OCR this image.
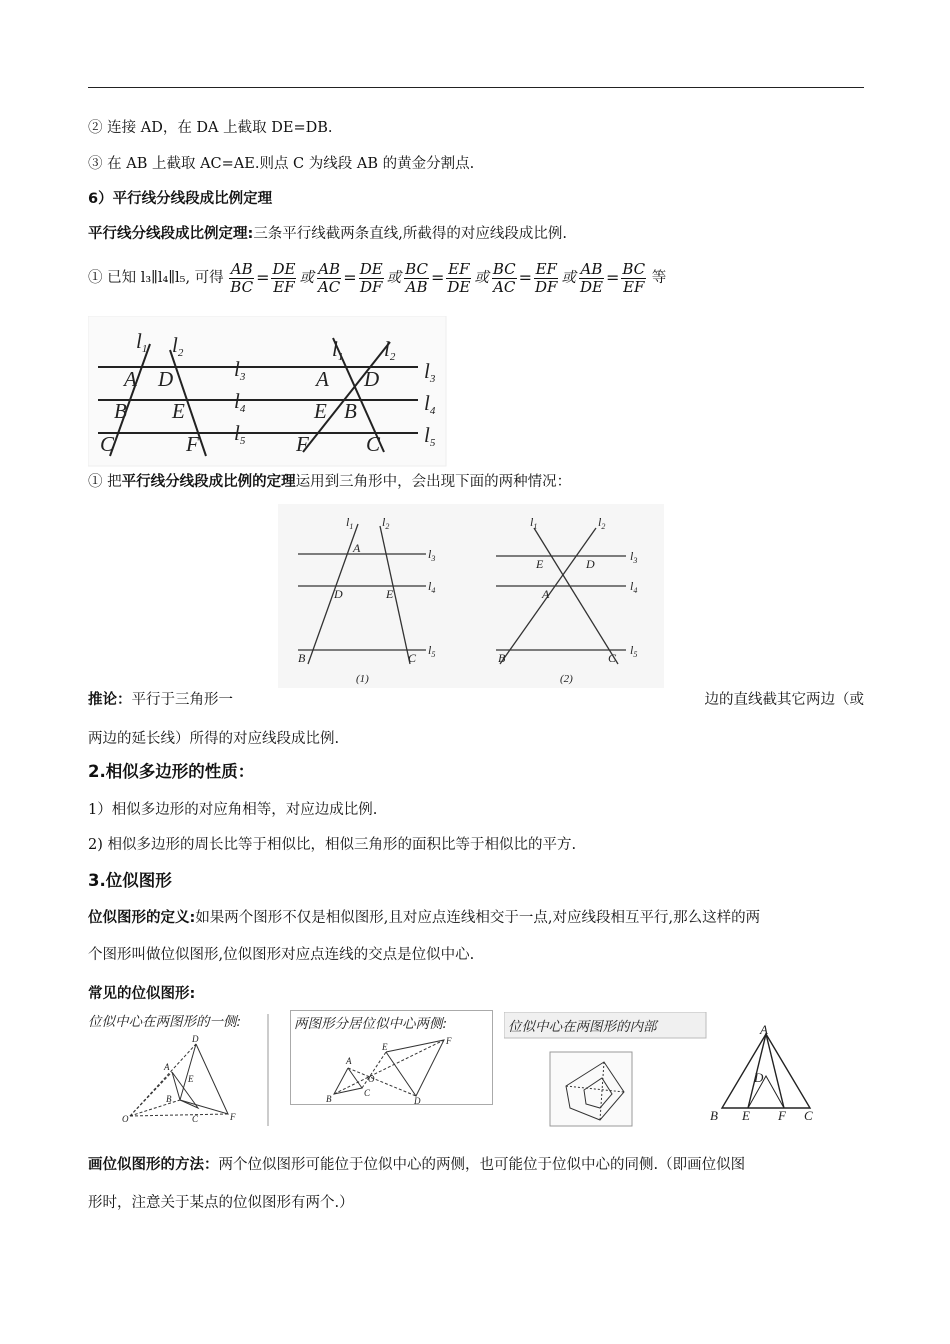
② 连接 AD，在 DA 上截取 DE=DB.
③ 在 AB 上截取 AC=AE.则点 C 为线段 AB 的黄金分割点.
6）平行线分线段成比例定理
平行线分线段成比例定理:三条平行线截两条直线,所截得的对应线段成比例.
① 已知 l₃∥l₄∥l₅, 可得 $\frac{AB}{BC} = \frac{DE}{EF}$ 或 $\frac{AB}{AC} = \frac{DE}{DF}$ 或 $\frac{BC}{AB} = \frac{EF}{DE}$ 或 $\frac{BC}{AC} = \frac{EF}{DF}$ 或 $\frac{AB}{DE} = \frac{BC}{EF}$ 等
l1 l2
l3
l4
l5
A D
B E
C	F
l1 l2
l3
l4
l5
A D
E B
F	C
① 把平行线分线段成比例的定理运用到三角形中，会出现下面的两种情况：
$l_1$ $l_2$
$l_3$
$l_4$
$l_5$
A
D	E
B	C
$l_1$	$l_2$
$l_3$
$l_4$
$l_5$
E	D
A
B	C
(1)	(2)
推论：平行于三角形一	边的直线截其它两边（或
两边的延长线）所得的对应线段成比例.
2.相似多边形的性质：
1）相似多边形的对应角相等，对应边成比例.
2) 相似多边形的周长比等于相似比，相似三角形的面积比等于相似比的平方.
3.位似图形
位似图形的定义:如果两个图形不仅是相似图形,且对应点连线相交于一点,对应线段相互平行,那么这样的两
个图形叫做位似图形,位似图形对应点连线的交点是位似中心.
常见的位似图形:
位似中心在两图形的一侧:
D
A
E
B
C	F
O
两图形分居位似中心两侧:
A
B
C
E
F
D
O
位似中心在两图形的内部	A
D
B E F C
画位似图形的方法：两个位似图形可能位于位似中心的两侧，也可能位于位似中心的同侧.（即画位似图
形时，注意关于某点的位似图形有两个.）
